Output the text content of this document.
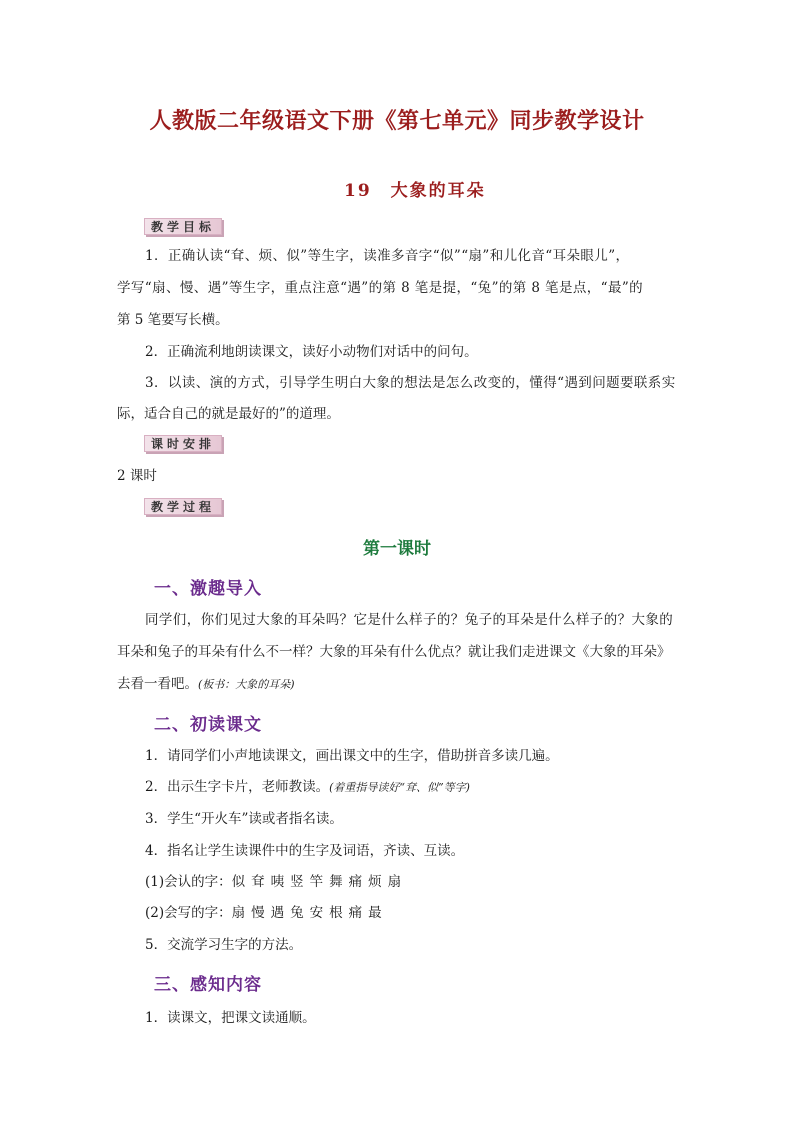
人教版二年级语文下册《第七单元》同步教学设计
19　大象的耳朵
教学目标
1．正确认读“耷、烦、似”等生字，读准多音字“似”“扇”和儿化音“耳朵眼儿”，
学写“扇、慢、遇”等生字，重点注意“遇”的第 8 笔是提，“兔”的第 8 笔是点，“最”的
第 5 笔要写长横。
2．正确流利地朗读课文，读好小动物们对话中的问句。
3．以读、演的方式，引导学生明白大象的想法是怎么改变的，懂得“遇到问题要联系实
际，适合自己的就是最好的”的道理。
课时安排
2 课时
教学过程
第一课时
一、激趣导入
同学们，你们见过大象的耳朵吗？它是什么样子的？兔子的耳朵是什么样子的？大象的
耳朵和兔子的耳朵有什么不一样？大象的耳朵有什么优点？就让我们走进课文《大象的耳朵》
去看一看吧。(板书：大象的耳朵)
二、初读课文
1．请同学们小声地读课文，画出课文中的生字，借助拼音多读几遍。
2．出示生字卡片，老师教读。(着重指导读好“耷、似”等字)
3．学生“开火车”读或者指名读。
4．指名让学生读课件中的生字及词语，齐读、互读。
(1)会认的字：似耷咦竖竿舞痛烦扇
(2)会写的字：扇慢遇兔安根痛最
5．交流学习生字的方法。
三、感知内容
1．读课文，把课文读通顺。
